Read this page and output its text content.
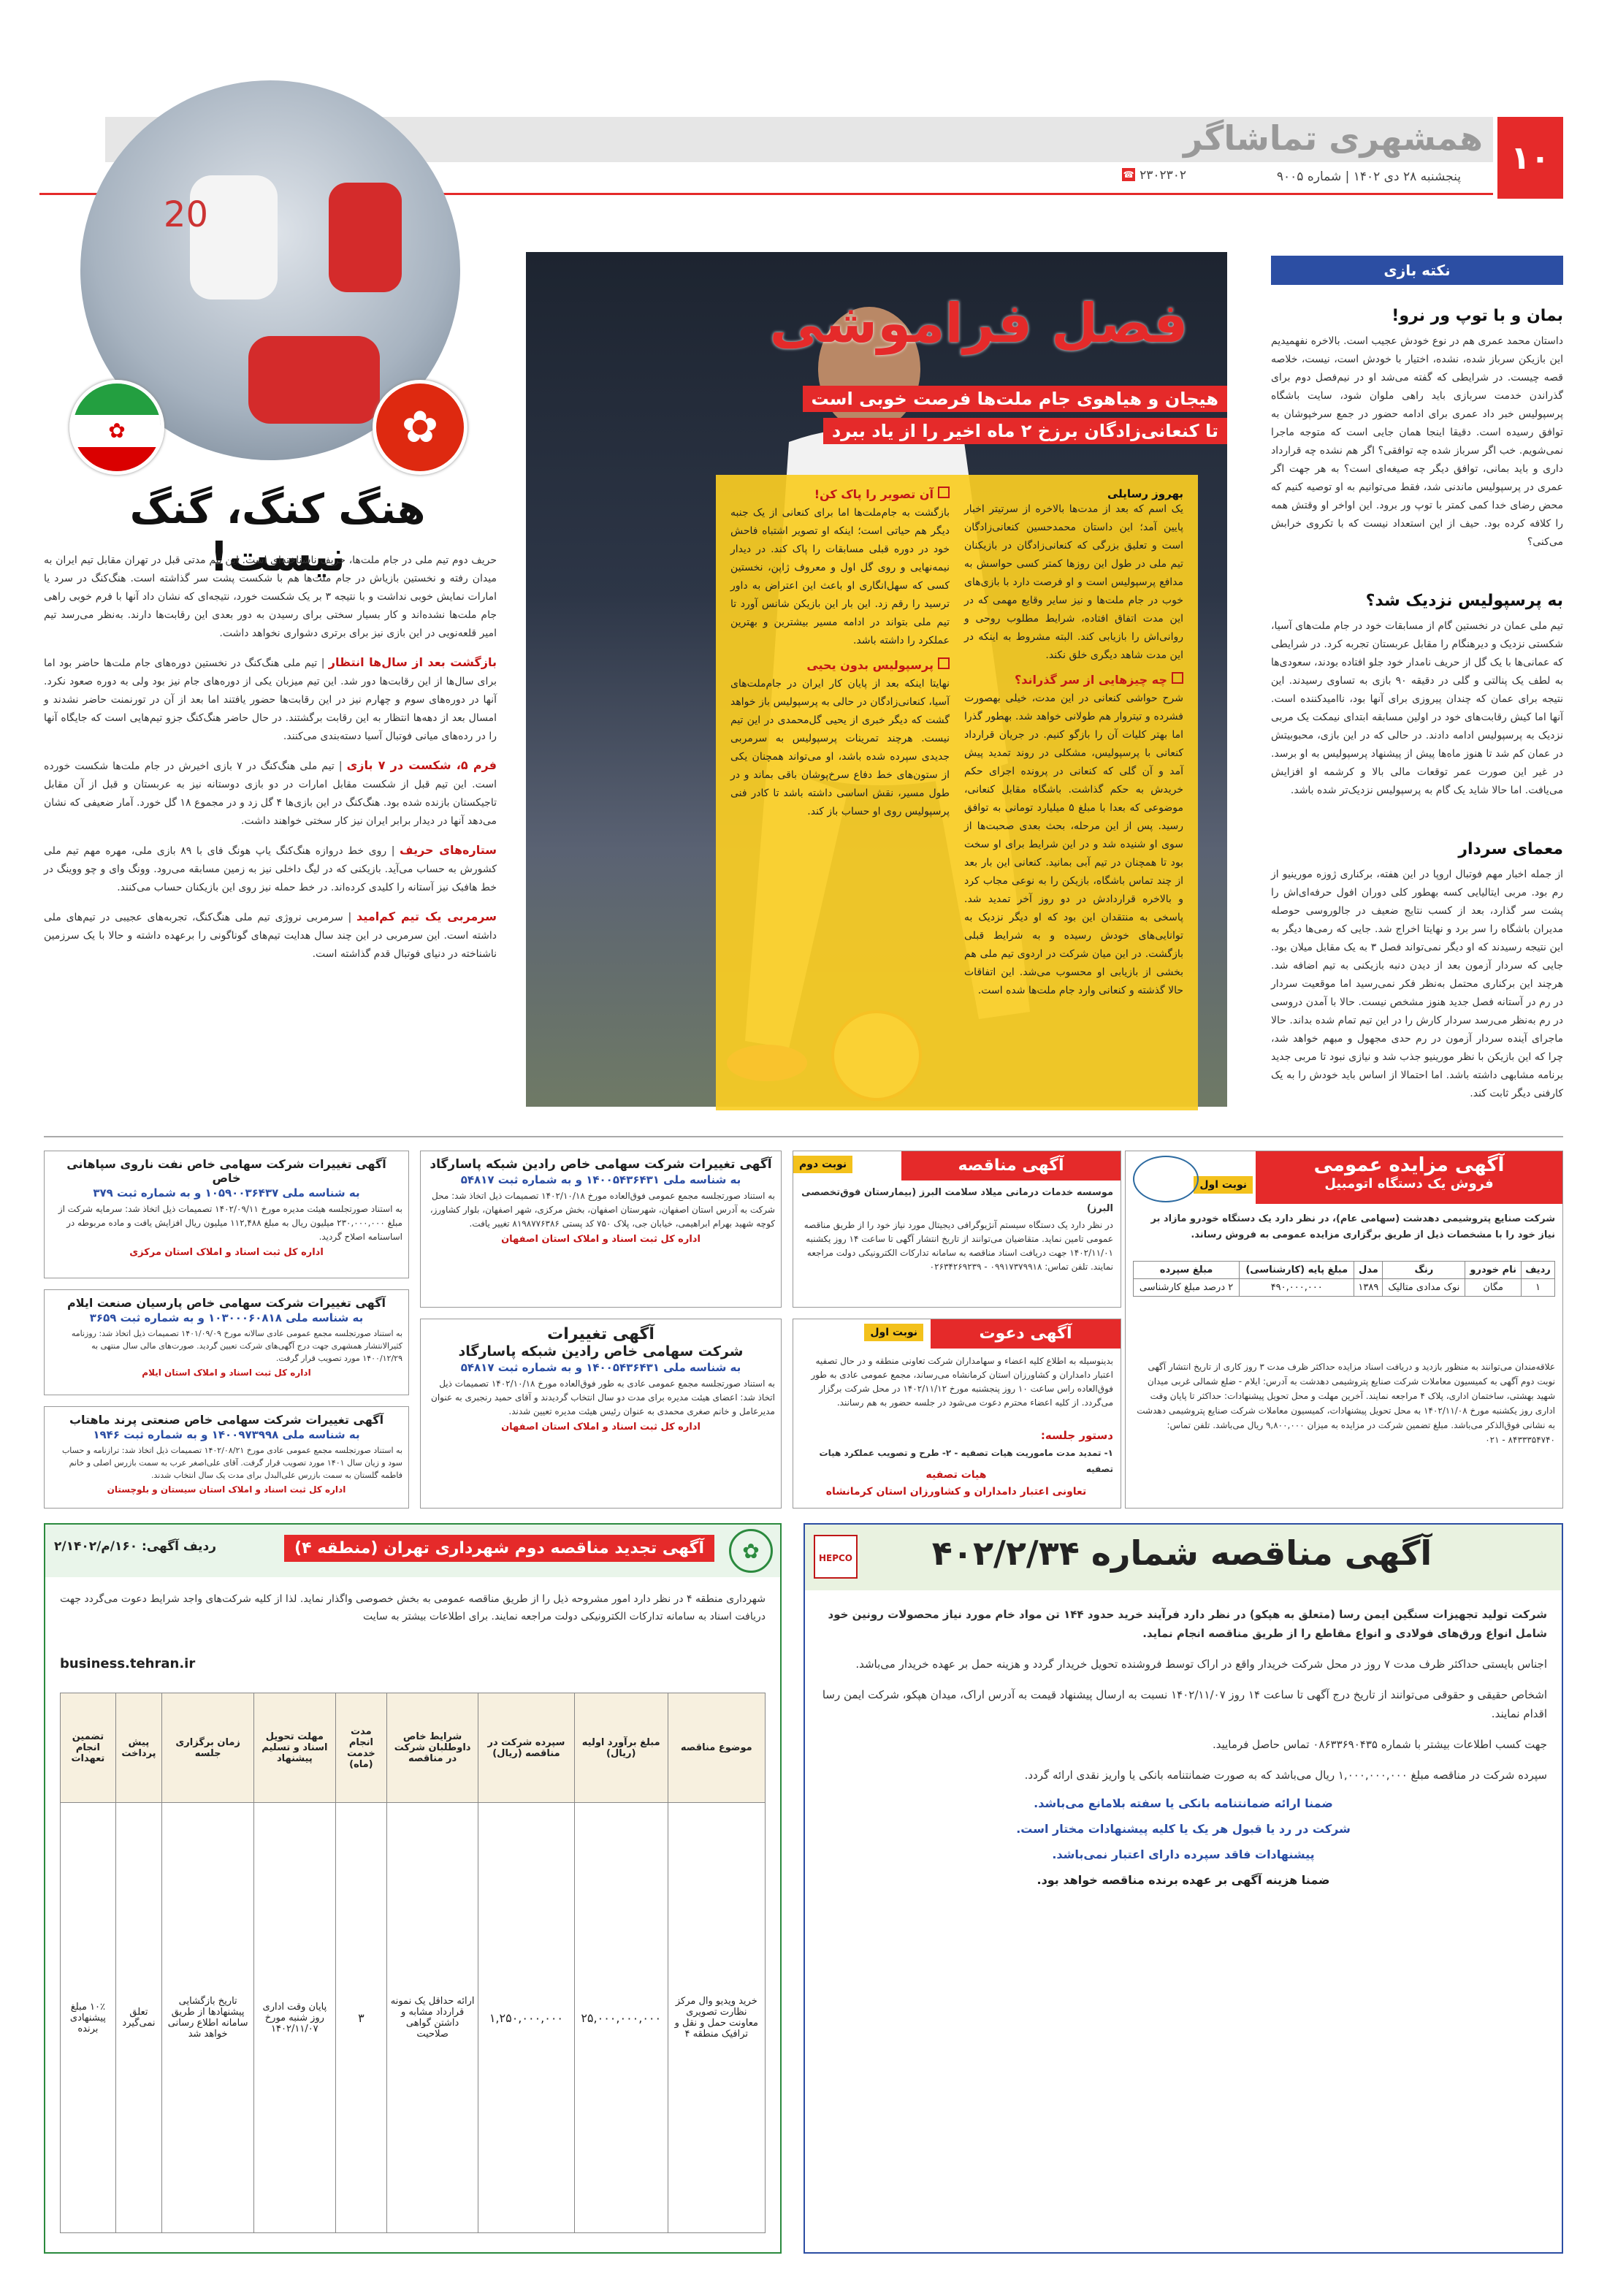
۱۰
همشهری تماشاگر
پنجشنبه ۲۸ دی ۱۴۰۲ | شماره ۹۰۰۵
☎ ۲۳۰۲۳۰۲
نکته بازی

بمان و با توپ ور نرو!

داستان محمد عمری هم در نوع خودش عجیب است. بالاخره نفهمیدیم این بازیکن سرباز شده، نشده، اختیار با خودش است، نیست، خلاصه قصه چیست. در شرایطی که گفته می‌شد او در نیم‌فصل دوم برای گذراندن خدمت سربازی باید راهی ملوان شود، سایت باشگاه پرسپولیس خبر داد عمری برای ادامه حضور در جمع سرخپوشان به توافق رسیده است. دقیقا اینجا همان جایی است که متوجه ماجرا نمی‌شویم. خب اگر سرباز شده چه توافقی؟ اگر هم نشده چه قرارداد داری و باید بمانی، توافق دیگر چه صیغه‌ای است؟ به هر جهت اگر عمری در پرسپولیس ماندنی شد، فقط می‌توانیم به او توصیه کنیم که محض رضای خدا کمی کمتر با توپ ور برود. این اواخر او وقتش همه را کلافه کرده بود. حیف از این استعداد نیست که با تکروی خرابش می‌کنی؟

به پرسپولیس نزدیک شد؟

تیم ملی عمان در نخستین گام از مسابقات خود در جام ملت‌های آسیا، شکستی نزدیک و دیرهنگام را مقابل عربستان تجربه کرد. در شرایطی که عمانی‌ها با یک گل از حریف نامدار خود جلو افتاده بودند، سعودی‌ها به لطف یک پنالتی و گلی در دقیقه ۹۰ بازی به تساوی رسیدند. این نتیجه برای عمان که چندان پیروزی برای آنها بود، ناامیدکننده است. آنها اما کیش رقابت‌های خود در اولین مسابقه ابتدای نیمکت یک مربی نزدیک به پرسپولیس ادامه دادند. در حالی که در این بازی، محبوبیتش در عمان کم شد تا هنوز ماه‌ها پیش از پیشنهاد پرسپولیس به او برسد. در غیر این صورت عمر توقعات مالی بالا و کرشمه او افزایش می‌یافت. اما حالا شاید یک گام به پرسپولیس نزدیک‌تر شده باشد.

معمای سردار

از جمله اخبار مهم فوتبال اروپا در این هفته، برکناری ژوزه مورینیو از رم بود. مربی ایتالیایی کسه بهطور کلی دوران افول حرفه‌ای‌اش را پشت سر گذارد، بعد از کسب نتایج ضعیف در جالوروسی حوصله مدیران باشگاه را سر برد و نهایتا اخراج شد. جایی که رمی‌ها دیگر به این نتیجه رسیدند که او دیگر نمی‌تواند فصل ۳ به یک مقابل میلان بود. جایی که سردار آزمون بعد از دیدن دنبه بازیکنی به تیم اضافه شد. هرچند این برکناری محتمل به‌نظر فکر نمی‌رسید اما موقعیت سردار در رم در آستانه فصل جدید هنوز مشخص نیست. حالا با آمدن دروسی در رم به‌نظر می‌رسد سردار کارش را در این تیم تمام شده بداند. حالا ماجرای آینده سردار آزمون در رم حدی مجهول و مبهم خواهد شد، چرا که این بازیکن با نظر مورینیو جذب شد و نیازی نبود تا مربی جدید برنامه مشابهی داشته باشد. اما احتمالا از اساس باید خودش را به یک کارفنی دیگر ثابت کند.

فصل فراموشی
هیجان و هیاهوی جام ملت‌ها فرصت خوبی است
تا کنعانی‌زادگان برزخ ۲ ماه اخیر را از یاد ببرد
بهروز رسایلی

یک اسم که بعد از مدت‌ها بالاخره از سرتیتر اخبار پایین آمد؛ این داستان محمدحسین کنعانی‌زادگان است و تعلیق بزرگی که کنعانی‌زادگان در بازیکنان تیم ملی در طول این روزها کمتر کسی حواسش به مدافع پرسپولیس است و او فرصت دارد با بازی‌های خوب در جام ملت‌ها و نیز سایر وقایع مهمی که در این مدت اتفاق افتاده، شرایط مطلوب روحی و روانی‌اش را بازیابی کند. البته مشروط به اینکه در این مدت شاهد دیگری خلق نکند.

چه چیزهایی از سر گذراند؟

شرح حواشی کنعانی در این مدت، خیلی بهصورت فشرده و تیتروار هم طولانی خواهد شد. بهطور گذرا اما بهتر کلیات آن را بازگو کنیم. در جریان قرارداد کنعانی با پرسپولیس، مشکلی در روند تمدید پیش آمد و آن گلی که کنعانی در پرونده اجرای حکم خریدش به حکم گذاشت. باشگاه مقابل کنعانی، موضوعی که بعدا با مبلغ ۵ میلیارد تومانی به توافق رسید. پس از این مرحله، بحث بعدی صحبت‌ها از سوی او شنیده شد و در این شرایط برای او سخت بود تا همچنان در تیم آبی بمانید. کنعانی این بار بعد از چند تماس باشگاه، بازیکن را به نوعی مجاب کرد و بالاخره قراردادش در دو روز آخر تمدید شد. پاسخی به منتقدان این بود که او دیگر نزدیک به توانایی‌های خودش رسیده و به شرایط قبلی بازگشت. در این میان شرکت در اردوی تیم ملی هم بخشی از بازیابی او محسوب می‌شد. این اتفاقات حالا گذشته و کنعانی وارد جام ملت‌ها شده است.

آن تصویر را پاک کن!

بازگشت به جام‌ملت‌ها اما برای کنعانی از یک جنبه دیگر هم حیاتی است؛ اینکه او تصویر اشتباه فاحش خود در دوره قبلی مسابقات را پاک کند. در دیدار نیمه‌نهایی و روی گل اول و معروف ژاپن، نخستین کسی که سهل‌انگاری او باعث این اعتراض به داور ترسید را رقم زد. این بار این بازیکن شانس آورد تا تیم ملی بتواند در ادامه مسیر بیشترین و بهترین عملکرد را داشته باشد.

پرسپولیس بدون یحیی

نهایتا اینکه بعد از پایان کار ایران در جام‌ملت‌های آسیا، کنعانی‌زادگان در حالی به پرسپولیس باز خواهد گشت که دیگر خبری از یحیی گل‌محمدی در این تیم نیست. هرچند تمرینات پرسپولیس به سرمربی جدیدی سپرده شده باشد، او می‌تواند همچنان یکی از ستون‌های خط دفاع سرخ‌پوشان باقی بماند و در طول مسیر، نقش اساسی داشته باشد تا کادر فنی پرسپولیس روی او حساب باز کند.

20
✿	✿
هنگ کنگ، گنگ نیست!

حریف دوم تیم ملی در جام ملت‌ها، حریف ناشناخته‌ای است. این تیم مدتی قبل در تهران مقابل تیم ایران به میدان رفته و نخستین بازیاش در جام ملت‌ها هم با شکست پشت سر گذاشته است. هنگ‌کنگ در سرد یا امارات نمایش خوبی نداشت و با نتیجه ۳ بر یک شکست خورد، نتیجه‌ای که نشان داد آنها با فرم خوبی راهی جام ملت‌ها نشده‌اند و کار بسیار سختی برای رسیدن به دور بعدی این رقابت‌ها دارند. به‌نظر می‌رسد تیم امیر قلعه‌نویی در این بازی نیز برای برتری دشواری نخواهد داشت.

بازگشت بعد از سال‌ها انتظار | تیم ملی هنگ‌کنگ در نخستین دوره‌های جام ملت‌ها حاضر بود اما برای سال‌ها از این رقابت‌ها دور شد. این تیم میزبان یکی از دوره‌های جام نیز بود ولی به دوره صعود نکرد. آنها در دوره‌های سوم و چهارم نیز در این رقابت‌ها حضور یافتند اما بعد از آن در تورنمنت حاضر نشدند و امسال بعد از دهه‌ها انتظار به این رقابت برگشتند. در حال حاضر هنگ‌کنگ جزو تیم‌هایی است که جایگاه آنها را در رده‌های میانی فوتبال آسیا دسته‌بندی می‌کنند.

فرم ۵، شکست در ۷ بازی | تیم ملی هنگ‌کنگ در ۷ بازی اخیرش در جام ملت‌ها شکست خورده است. این تیم قبل از شکست مقابل امارات در دو بازی دوستانه نیز به عربستان و قبل از آن مقابل تاجیکستان بازنده شده بود. هنگ‌کنگ در این بازی‌ها ۴ گل زد و در مجموع ۱۸ گل خورد. آمار ضعیفی که نشان می‌دهد آنها در دیدار برابر ایران نیز کار سختی خواهند داشت.

ستاره‌های حریف | روی خط دروازه هنگ‌کنگ یاپ هونگ فای با ۸۹ بازی ملی، مهره مهم تیم ملی کشورش به حساب می‌آید. بازیکنی که در لیگ داخلی نیز به زمین مسابقه می‌رود. وونگ وای و چو ووینگ در خط هافبک نیز آستانه را کلیدی کرده‌اند. در خط حمله نیز روی این بازیکنان حساب می‌کنند.

سرمربی یک تیم کم‌امید | سرمربی نروژی تیم ملی هنگ‌کنگ، تجربه‌های عجیبی در تیم‌های ملی داشته است. این سرمربی در این چند سال هدایت تیم‌های گوناگونی را برعهده داشته و حالا با یک سرزمین ناشناخته در دنیای فوتبال قدم گذاشته است.

آگهی مزایده عمومی
فروش یک دستگاه اتومبیل
نوبت اول

شرکت صنایع پتروشیمی دهدشت (سهامی عام)، در نظر دارد یک دستگاه خودرو مازاد بر نیاز خود را با مشخصات ذیل از طریق برگزاری مزایده عمومی به فروش رساند.

ردیف	نام خودرو	رنگ	مدل	مبلغ پایه (کارشناسی)	مبلغ سپرده
۱	مگان	نوک مدادی متالیک	۱۳۸۹	۴۹۰,۰۰۰,۰۰۰	۲ درصد مبلغ کارشناسی

علاقه‌مندان می‌توانند به منظور بازدید و دریافت اسناد مزایده حداکثر ظرف مدت ۳ روز کاری از تاریخ انتشار آگهی نوبت دوم آگهی به کمیسیون معاملات شرکت صنایع پتروشیمی دهدشت به آدرس: ایلام - ضلع شمالی غربی میدان شهید بهشتی، ساختمان اداری، پلاک ۴ مراجعه نمایند. آخرین مهلت و محل تحویل پیشنهادات: حداکثر تا پایان وقت اداری روز یکشنبه مورخ ۱۴۰۲/۱۱/۰۸ به محل تحویل پیشنهادات، کمیسیون معاملات شرکت صنایع پتروشیمی دهدشت به نشانی فوق‌الذکر می‌باشد. مبلغ تضمین شرکت در مزایده به میزان ۹,۸۰۰,۰۰۰ ریال می‌باشد. تلفن تماس: ۸۴۳۳۳۵۴۷۴۰ - ۰۲۱

آگهی مناقصه
نوبت دوم

موسسه خدمات درمانی میلاد سلامت البرز (بیمارستان فوق‌تخصصی البرز)

در نظر دارد یک دستگاه سیستم آنژیوگرافی دیجیتال مورد نیاز خود را از طریق مناقصه عمومی تامین نماید. متقاضیان می‌توانند از تاریخ انتشار آگهی تا ساعت ۱۴ روز یکشنبه ۱۴۰۲/۱۱/۰۱ جهت دریافت اسناد مناقصه به سامانه تدارکات الکترونیکی دولت مراجعه نمایند. تلفن تماس: ۰۹۹۱۷۳۷۹۹۱۸ - ۰۲۶۳۴۲۶۹۲۳۹

آگهی دعوت
نوبت اول

بدینوسیله به اطلاع کلیه اعضاء و سهامداران شرکت تعاونی منطقه و در حال تصفیه اعتبار دامداران و کشاورزان استان کرمانشاه می‌رساند، مجمع عمومی عادی به طور فوق‌العاده راس ساعت ۱۰ روز پنجشنبه مورخ ۱۴۰۲/۱۱/۱۲ در محل شرکت برگزار می‌گردد. از کلیه اعضاء محترم دعوت می‌شود در جلسه حضور به هم رسانند.

دستور جلسه:

۱- تمدید مدت ماموریت هیات تصفیه - ۲- طرح و تصویب عملکرد هیات تصفیه

هیات تصفیه

تعاونی اعتبار دامداران و کشاورزان استان کرمانشاه

آگهی تغییرات شرکت سهامی خاص رادین شبکه پاسارگاد

به شناسه ملی ۱۴۰۰۵۴۳۶۴۳۱ و به شماره ثبت ۵۴۸۱۷

به استناد صورتجلسه مجمع عمومی فوق‌العاده مورخ ۱۴۰۲/۱۰/۱۸ تصمیمات ذیل اتخاذ شد: محل شرکت به آدرس استان اصفهان، شهرستان اصفهان، بخش مرکزی، شهر اصفهان، بلوار کشاورز، کوچه شهید بهرام ابراهیمی، خیابان جی، پلاک ۷۵۰ کد پستی ۸۱۹۸۷۷۶۳۸۶ تغییر یافت.

اداره کل ثبت اسناد و املاک استان اصفهان

آگهی تغییرات

شرکت سهامی خاص رادین شبکه پاسارگاد

به شناسه ملی ۱۴۰۰۵۴۳۶۴۳۱ و به شماره ثبت ۵۴۸۱۷

به استناد صورتجلسه مجمع عمومی عادی به طور فوق‌العاده مورخ ۱۴۰۲/۱۰/۱۸ تصمیمات ذیل اتخاذ شد: اعضای هیئت مدیره برای مدت دو سال انتخاب گردیدند و آقای حمید رنجبری به عنوان مدیرعامل و خانم صغری محمدی به عنوان رئیس هیئت مدیره تعیین شدند.

اداره کل ثبت اسناد و املاک استان اصفهان

آگهی تغییرات شرکت سهامی خاص نفت ناروی سپاهانی خاص

به شناسه ملی ۱۰۵۹۰۰۳۶۴۳۷ و به شماره ثبت ۳۷۹

به استناد صورتجلسه هیئت مدیره مورخ ۱۴۰۲/۰۹/۱۱ تصمیمات ذیل اتخاذ شد: سرمایه شرکت از مبلغ ۲۳۰,۰۰۰,۰۰۰ میلیون ریال به مبلغ ۱۱۲,۴۸۸ میلیون ریال افزایش یافت و ماده مربوطه در اساسنامه اصلاح گردید.

اداره کل ثبت اسناد و املاک استان مرکزی

آگهی تغییرات شرکت سهامی خاص پارسیان صنعت ایلام

به شناسه ملی ۱۰۳۰۰۰۶۰۸۱۸ و به شماره ثبت ۳۶۵۹

به استناد صورتجلسه مجمع عمومی عادی سالانه مورخ ۱۴۰۱/۰۹/۰۹ تصمیمات ذیل اتخاذ شد: روزنامه کثیرالانتشار همشهری جهت درج آگهی‌های شرکت تعیین گردید. صورت‌های مالی سال منتهی به ۱۴۰۰/۱۲/۲۹ مورد تصویب قرار گرفت.

اداره کل ثبت اسناد و املاک استان ایلام

آگهی تغییرات شرکت سهامی خاص صنعتی پرند ماهتاب

به شناسه ملی ۱۴۰۰۹۷۳۹۹۸ و به شماره ثبت ۱۹۴۶

به استناد صورتجلسه مجمع عمومی عادی مورخ ۱۴۰۲/۰۸/۲۱ تصمیمات ذیل اتخاذ شد: ترازنامه و حساب سود و زیان سال ۱۴۰۱ مورد تصویب قرار گرفت. آقای علی‌اصغر عرب به سمت بازرس اصلی و خانم فاطمه گلستان به سمت بازرس علی‌البدل برای مدت یک سال انتخاب شدند.

اداره کل ثبت اسناد و املاک استان سیستان و بلوچستان

آگهی مناقصه شماره ۴۰۲/۲/۳۴
HEPCO

شرکت تولید تجهیزات سنگین ایمن رسا (متعلق به هپکو) در نظر دارد فرآیند خرید حدود ۱۴۴ تن مواد خام مورد نیاز محصولات رونین خود شامل انواع ورق‌های فولادی و انواع مقاطع را از طریق مناقصه انجام نماید.

اجناس بایستی حداکثر ظرف مدت ۷ روز در محل شرکت خریدار واقع در اراک توسط فروشنده تحویل خریدار گردد و هزینه حمل بر عهده خریدار می‌باشد.

اشخاص حقیقی و حقوقی می‌توانند از تاریخ درج آگهی تا ساعت ۱۴ روز ۱۴۰۲/۱۱/۰۷ نسبت به ارسال پیشنهاد قیمت به آدرس اراک، میدان هپکو، شرکت ایمن رسا اقدام نمایند.

جهت کسب اطلاعات بیشتر با شماره ۰۸۶۳۳۶۹۰۴۳۵ تماس حاصل فرمایید.

سپرده شرکت در مناقصه مبلغ ۱,۰۰۰,۰۰۰,۰۰۰ ریال می‌باشد که به صورت ضمانتنامه بانکی یا واریز نقدی ارائه گردد.

ضمنا ارائه ضمانتنامه بانکی یا سفته بلامانع می‌باشد.

شرکت در رد یا قبول هر یک یا کلیه پیشنهادات مختار است.

پیشنهادات فاقد سپرده دارای اعتبار نمی‌باشد.

ضمنا هزینه آگهی بر عهده برنده مناقصه خواهد بود.

✿
آگهی تجدید مناقصه دوم شهرداری تهران (منطقه ۴)
ردیف آگهی: ۱۶۰/م/۲/۱۴۰۲

شهرداری منطقه ۴ در نظر دارد امور مشروحه ذیل را از طریق مناقصه عمومی به بخش خصوصی واگذار نماید. لذا از کلیه شرکت‌های واجد شرایط دعوت می‌گردد جهت دریافت اسناد به سامانه تدارکات الکترونیکی دولت مراجعه نمایند. برای اطلاعات بیشتر به سایت

business.tehran.ir

موضوع مناقصه	مبلغ برآورد اولیه (ریال)	سپرده شرکت در مناقصه (ریال)	شرایط خاص داوطلبان شرکت در مناقصه	مدت انجام خدمت (ماه)	مهلت تحویل اسناد و تسلیم پیشنهاد	زمان برگزاری جلسه	پیش پرداخت	تضمین انجام تعهدات
خرید ویدیو وال مرکز نظارت تصویری معاونت حمل و نقل و ترافیک منطقه ۴	۲۵,۰۰۰,۰۰۰,۰۰۰	۱,۲۵۰,۰۰۰,۰۰۰	ارائه حداقل یک نمونه قرارداد مشابه و داشتن گواهی صلاحیت	۳	پایان وقت اداری روز شنبه مورخ ۱۴۰۲/۱۱/۰۷	تاریخ بازگشایی پیشنهادها از طریق سامانه اطلاع رسانی خواهد شد	تعلق نمی‌گیرد	۱۰٪ مبلغ پیشنهادی برنده
